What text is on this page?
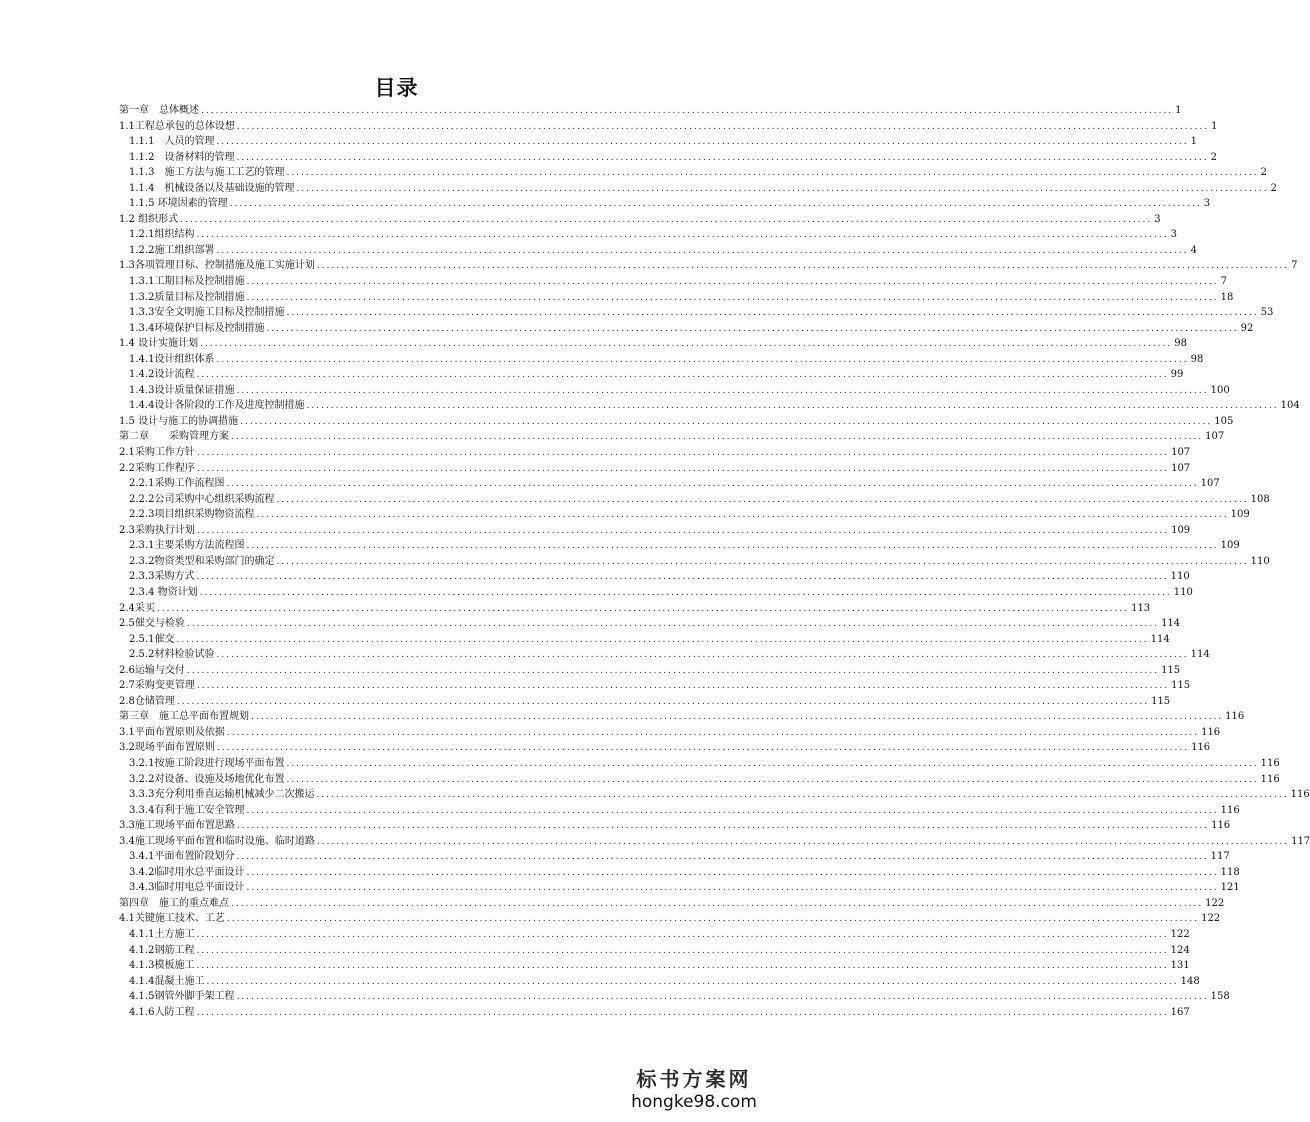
目录
第一章　总体概述 ........................................................................................................................................................................................................ 1
1.1工程总承包的总体设想 ........................................................................................................................................................................................................ 1
1.1.1　人员的管理 ........................................................................................................................................................................................................ 1
1.1.2　设备材料的管理 ........................................................................................................................................................................................................ 2
1.1.3　施工方法与施工工艺的管理 ........................................................................................................................................................................................................ 2
1.1.4　机械设备以及基础设施的管理 ........................................................................................................................................................................................................ 2
1.1.5 环境因素的管理 ........................................................................................................................................................................................................ 3
1.2 组织形式 ........................................................................................................................................................................................................ 3
1.2.1组织结构 ........................................................................................................................................................................................................ 3
1.2.2施工组织部署 ........................................................................................................................................................................................................ 4
1.3各项管理目标、控制措施及施工实施计划 ........................................................................................................................................................................................................ 7
1.3.1工期目标及控制措施 ........................................................................................................................................................................................................ 7
1.3.2质量目标及控制措施 ........................................................................................................................................................................................................ 18
1.3.3安全文明施工目标及控制措施 ........................................................................................................................................................................................................ 53
1.3.4环境保护目标及控制措施 ........................................................................................................................................................................................................ 92
1.4 设计实施计划 ........................................................................................................................................................................................................ 98
1.4.1设计组织体系 ........................................................................................................................................................................................................ 98
1.4.2设计流程 ........................................................................................................................................................................................................ 99
1.4.3设计质量保证措施 ........................................................................................................................................................................................................ 100
1.4.4设计各阶段的工作及进度控制措施 ........................................................................................................................................................................................................ 104
1.5 设计与施工的协调措施 ........................................................................................................................................................................................................ 105
第二章　　采购管理方案 ........................................................................................................................................................................................................ 107
2.1采购工作方针 ........................................................................................................................................................................................................ 107
2.2采购工作程序 ........................................................................................................................................................................................................ 107
2.2.1采购工作流程图 ........................................................................................................................................................................................................ 107
2.2.2公司采购中心组织采购流程 ........................................................................................................................................................................................................ 108
2.2.3项目组织采购物资流程 ........................................................................................................................................................................................................ 109
2.3采购执行计划 ........................................................................................................................................................................................................ 109
2.3.1主要采购方法流程图 ........................................................................................................................................................................................................ 109
2.3.2物资类型和采购部门的确定 ........................................................................................................................................................................................................ 110
2.3.3采购方式 ........................................................................................................................................................................................................ 110
2.3.4 物资计划 ........................................................................................................................................................................................................ 110
2.4采买 ........................................................................................................................................................................................................ 113
2.5催交与检验 ........................................................................................................................................................................................................ 114
2.5.1催交 ........................................................................................................................................................................................................ 114
2.5.2材料检验试验 ........................................................................................................................................................................................................ 114
2.6运输与交付 ........................................................................................................................................................................................................ 115
2.7采购变更管理 ........................................................................................................................................................................................................ 115
2.8仓储管理 ........................................................................................................................................................................................................ 115
第三章　施工总平面布置规划 ........................................................................................................................................................................................................ 116
3.1平面布置原则及依据 ........................................................................................................................................................................................................ 116
3.2现场平面布置原则 ........................................................................................................................................................................................................ 116
3.2.1按施工阶段进行现场平面布置 ........................................................................................................................................................................................................ 116
3.2.2对设备、设施及场地优化布置 ........................................................................................................................................................................................................ 116
3.3.3充分利用垂直运输机械减少二次搬运 ........................................................................................................................................................................................................ 116
3.3.4有利于施工安全管理 ........................................................................................................................................................................................................ 116
3.3施工现场平面布置思路 ........................................................................................................................................................................................................ 116
3.4施工现场平面布置和临时设施、临时道路 ........................................................................................................................................................................................................ 117
3.4.1平面布置阶段划分 ........................................................................................................................................................................................................ 117
3.4.2临时用水总平面设计 ........................................................................................................................................................................................................ 118
3.4.3临时用电总平面设计 ........................................................................................................................................................................................................ 121
第四章　施工的重点难点 ........................................................................................................................................................................................................ 122
4.1关键施工技术、工艺 ........................................................................................................................................................................................................ 122
4.1.1土方施工 ........................................................................................................................................................................................................ 122
4.1.2钢筋工程 ........................................................................................................................................................................................................ 124
4.1.3模板施工 ........................................................................................................................................................................................................ 131
4.1.4混凝土施工 ........................................................................................................................................................................................................ 148
4.1.5钢管外脚手架工程 ........................................................................................................................................................................................................ 158
4.1.6人防工程 ........................................................................................................................................................................................................ 167
标书方案网
hongke98.com
